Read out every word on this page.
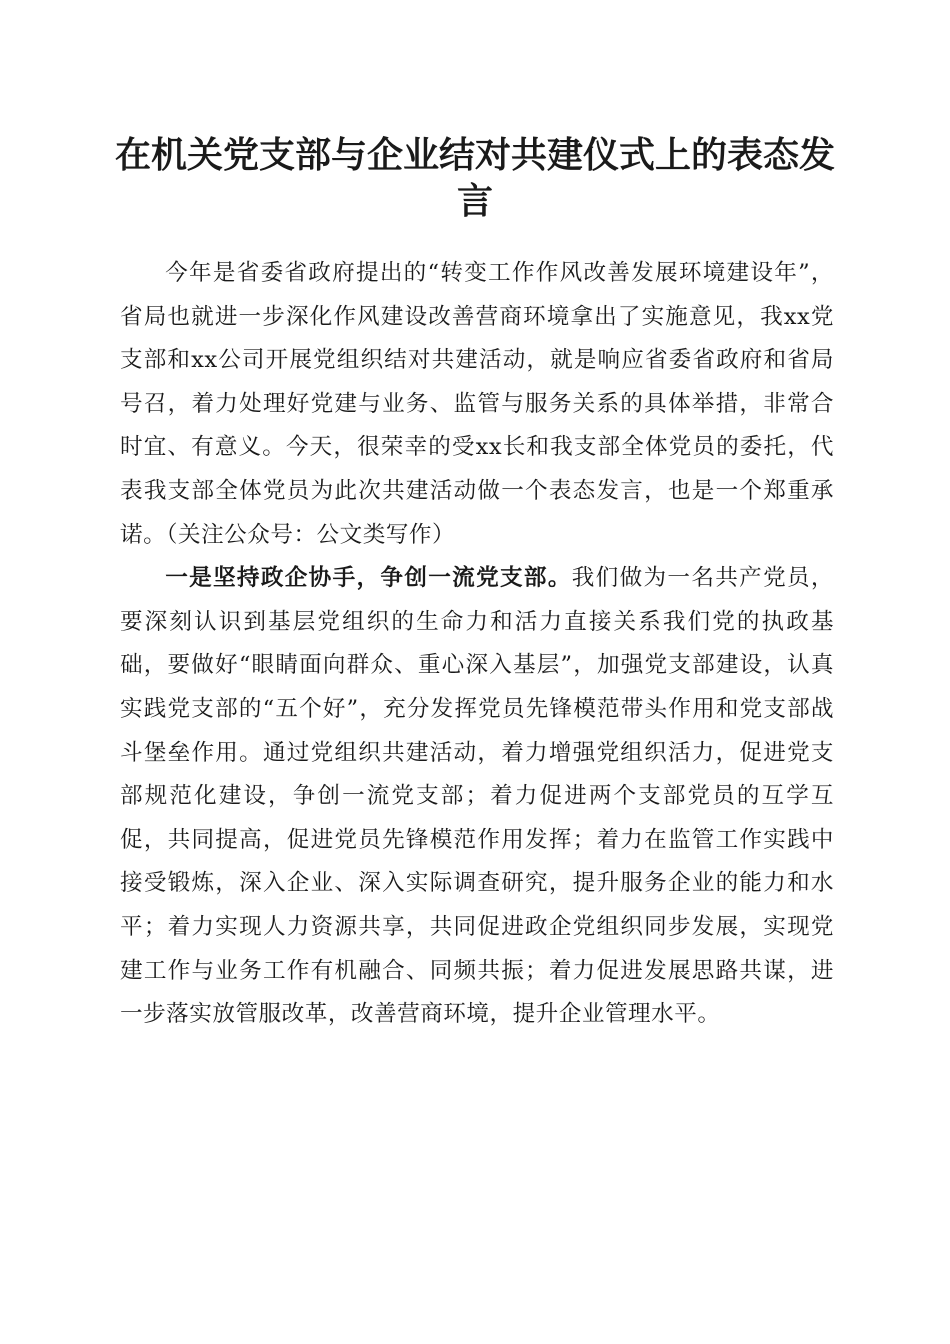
在机关党支部与企业结对共建仪式上的表态发言

今年是省委省政府提出的“转变工作作风改善发展环境建设年”，省局也就进一步深化作风建设改善营商环境拿出了实施意见，我xx党支部和xx公司开展党组织结对共建活动，就是响应省委省政府和省局号召，着力处理好党建与业务、监管与服务关系的具体举措，非常合时宜、有意义。今天，很荣幸的受xx长和我支部全体党员的委托，代表我支部全体党员为此次共建活动做一个表态发言，也是一个郑重承诺。（关注公众号：公文类写作）

一是坚持政企协手，争创一流党支部。我们做为一名共产党员，要深刻认识到基层党组织的生命力和活力直接关系我们党的执政基础，要做好“眼睛面向群众、重心深入基层”，加强党支部建设，认真实践党支部的“五个好”，充分发挥党员先锋模范带头作用和党支部战斗堡垒作用。通过党组织共建活动，着力增强党组织活力，促进党支部规范化建设，争创一流党支部；着力促进两个支部党员的互学互促，共同提高，促进党员先锋模范作用发挥；着力在监管工作实践中接受锻炼，深入企业、深入实际调查研究，提升服务企业的能力和水平；着力实现人力资源共享，共同促进政企党组织同步发展，实现党建工作与业务工作有机融合、同频共振；着力促进发展思路共谋，进一步落实放管服改革，改善营商环境，提升企业管理水平。
